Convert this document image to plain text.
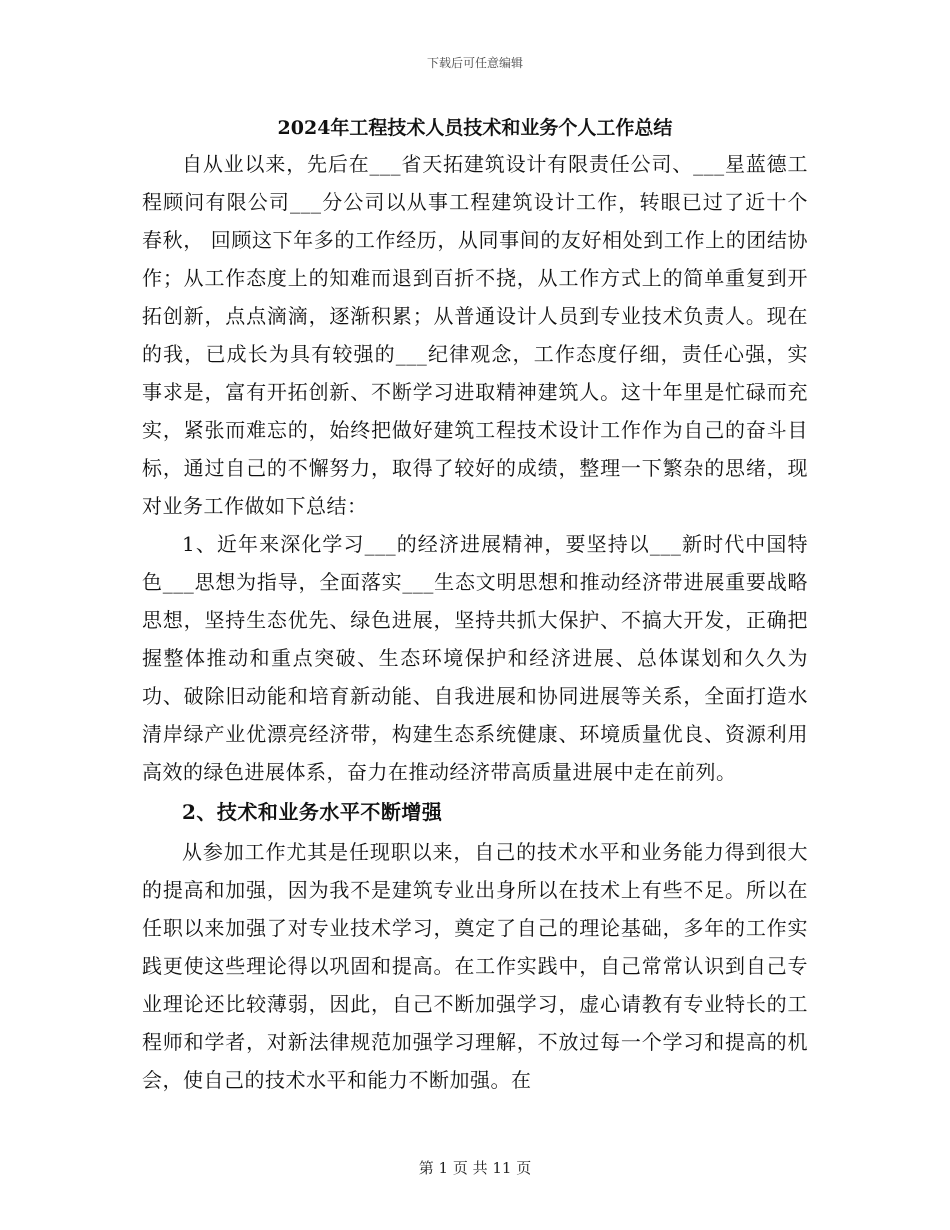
下载后可任意编辑
2024年工程技术人员技术和业务个人工作总结

自从业以来，先后在___省天拓建筑设计有限责任公司、___星蓝德工程顾问有限公司___分公司以从事工程建筑设计工作，转眼已过了近十个春秋， 回顾这下年多的工作经历，从同事间的友好相处到工作上的团结协作；从工作态度上的知难而退到百折不挠，从工作方式上的简单重复到开拓创新，点点滴滴，逐渐积累；从普通设计人员到专业技术负责人。现在的我，已成长为具有较强的___纪律观念，工作态度仔细，责任心强，实事求是，富有开拓创新、不断学习进取精神建筑人。这十年里是忙碌而充实，紧张而难忘的，始终把做好建筑工程技术设计工作作为自己的奋斗目标，通过自己的不懈努力，取得了较好的成绩，整理一下繁杂的思绪，现对业务工作做如下总结：

1、近年来深化学习___的经济进展精神，要坚持以___新时代中国特色___思想为指导，全面落实___生态文明思想和推动经济带进展重要战略思想，坚持生态优先、绿色进展，坚持共抓大保护、不搞大开发，正确把握整体推动和重点突破、生态环境保护和经济进展、总体谋划和久久为功、破除旧动能和培育新动能、自我进展和协同进展等关系，全面打造水清岸绿产业优漂亮经济带，构建生态系统健康、环境质量优良、资源利用高效的绿色进展体系，奋力在推动经济带高质量进展中走在前列。

2、技术和业务水平不断增强

从参加工作尤其是任现职以来，自己的技术水平和业务能力得到很大的提高和加强，因为我不是建筑专业出身所以在技术上有些不足。所以在任职以来加强了对专业技术学习，奠定了自己的理论基础，多年的工作实践更使这些理论得以巩固和提高。在工作实践中，自己常常认识到自己专业理论还比较薄弱，因此，自己不断加强学习，虚心请教有专业特长的工程师和学者，对新法律规范加强学习理解，不放过每一个学习和提高的机会，使自己的技术水平和能力不断加强。在

第 1 页 共 11 页
